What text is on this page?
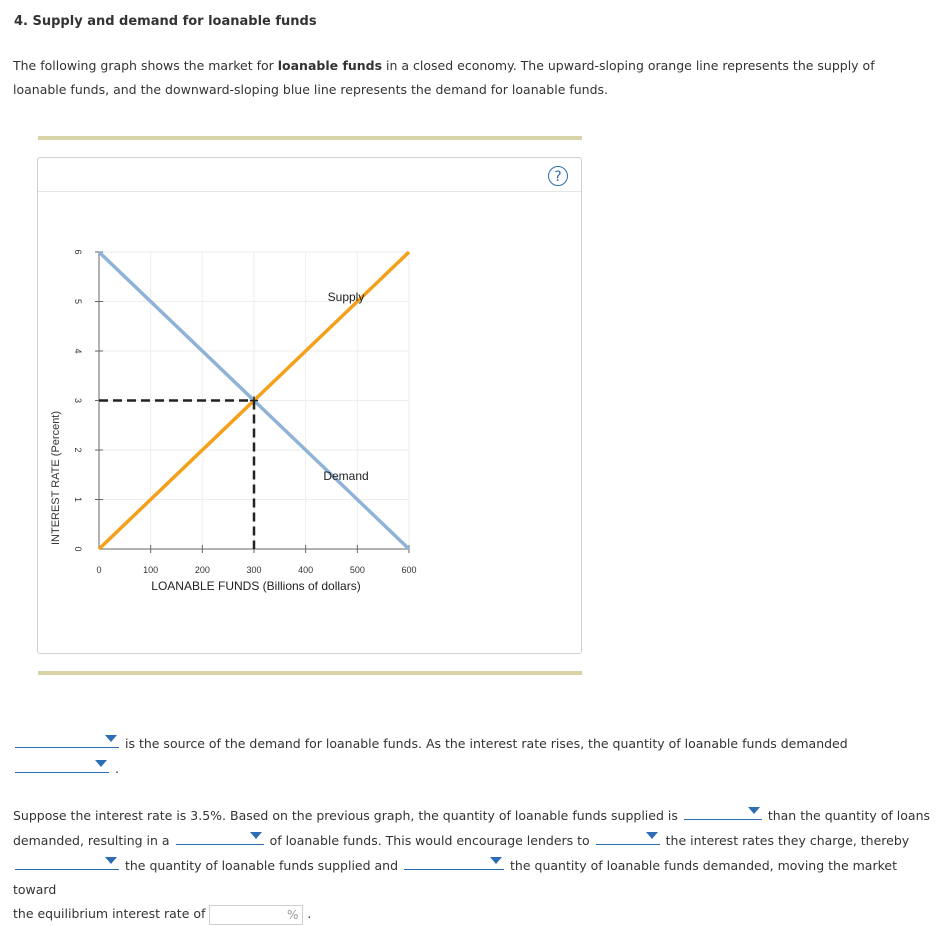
4. Supply and demand for loanable funds
The following graph shows the market for loanable funds in a closed economy. The upward-sloping orange line represents the supply of loanable funds, and the downward-sloping blue line represents the demand for loanable funds.
?
0	100	200	300	400	500	600
0
1
2
3
4
5
6
INTEREST RATE (Percent)
LOANABLE FUNDS (Billions of dollars)
Supply
Demand
is the source of the demand for loanable funds. As the interest rate rises, the quantity of loanable funds demanded

.
Suppose the interest rate is 3.5%. Based on the previous graph, the quantity of loanable funds supplied is	than the quantity of loans
demanded, resulting in a	of loanable funds. This would encourage lenders to	the interest rates they charge, thereby

the quantity of loanable funds supplied and	the quantity of loanable funds demanded, moving the market toward
the equilibrium interest rate of	% .
